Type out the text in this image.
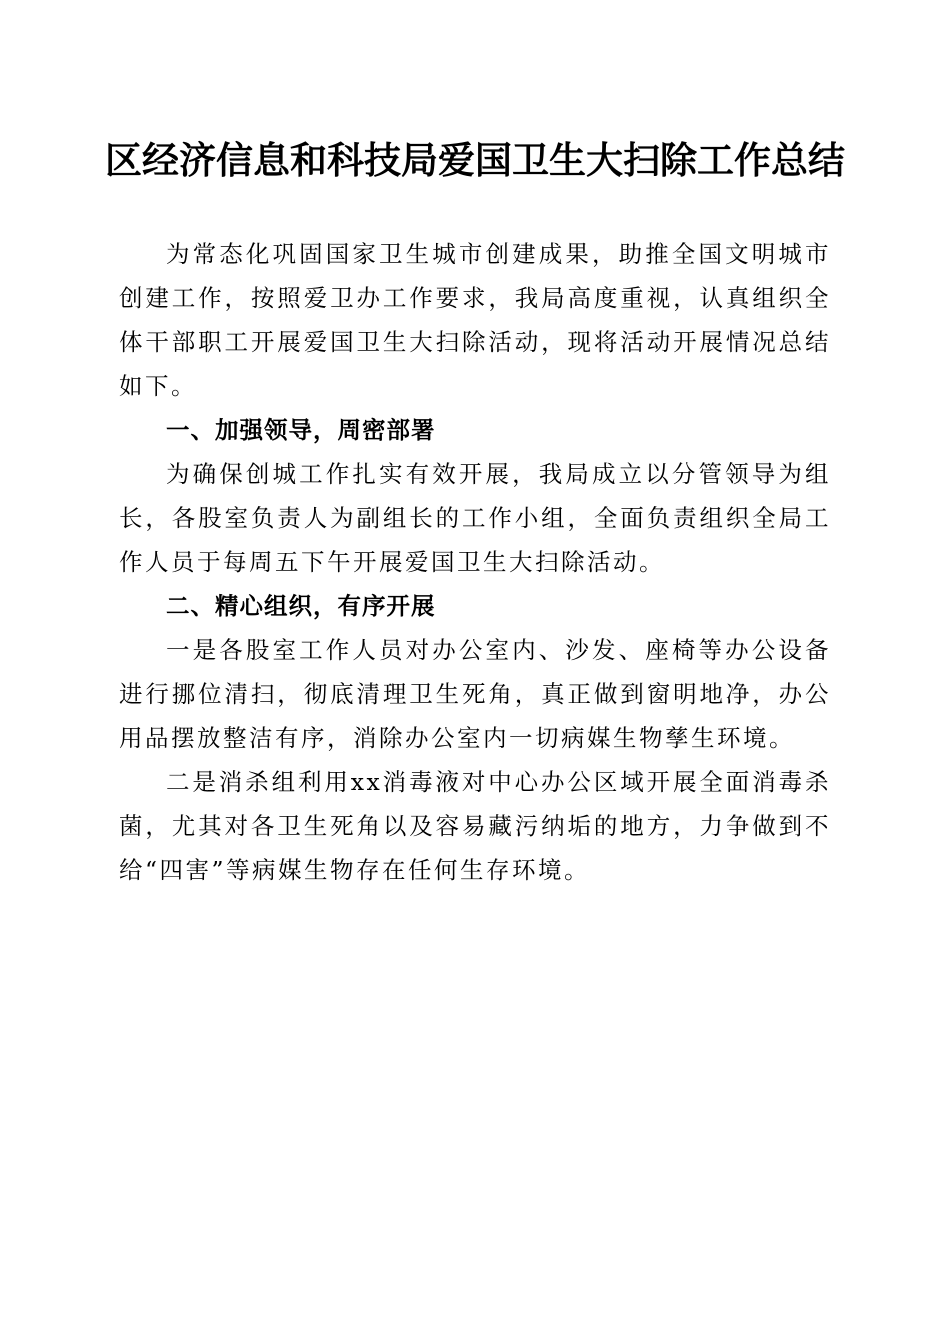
区经济信息和科技局爱国卫生大扫除工作总结

为常态化巩固国家卫生城市创建成果，助推全国文明城市创建工作，按照爱卫办工作要求，我局高度重视，认真组织全体干部职工开展爱国卫生大扫除活动，现将活动开展情况总结如下。

一、加强领导，周密部署

为确保创城工作扎实有效开展，我局成立以分管领导为组长，各股室负责人为副组长的工作小组，全面负责组织全局工作人员于每周五下午开展爱国卫生大扫除活动。

二、精心组织，有序开展

一是各股室工作人员对办公室内、沙发、座椅等办公设备进行挪位清扫，彻底清理卫生死角，真正做到窗明地净，办公用品摆放整洁有序，消除办公室内一切病媒生物孳生环境。

二是消杀组利用xx消毒液对中心办公区域开展全面消毒杀菌，尤其对各卫生死角以及容易藏污纳垢的地方，力争做到不给“四害”等病媒生物存在任何生存环境。
